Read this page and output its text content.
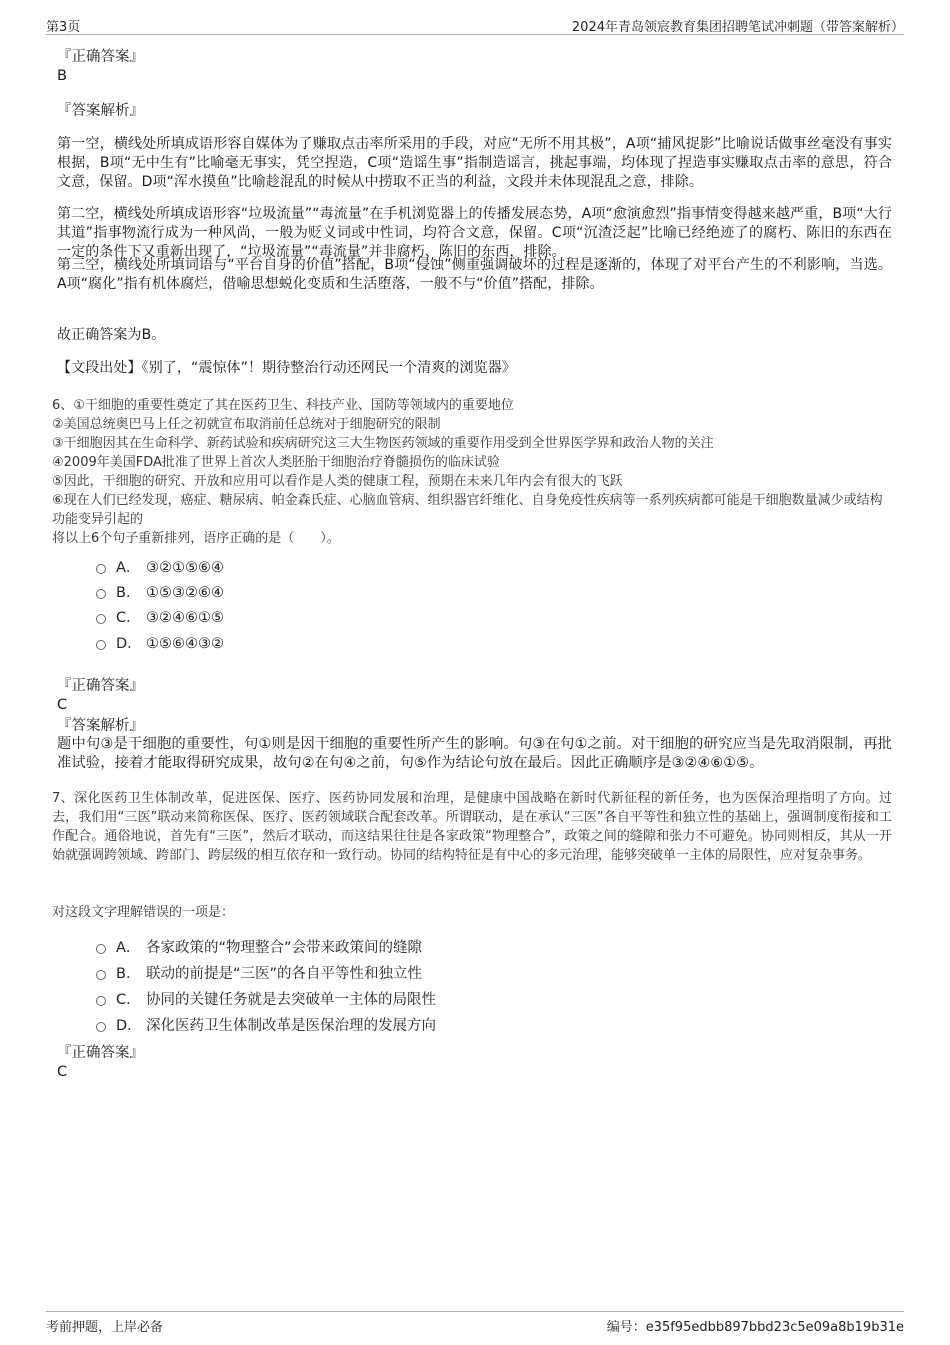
第3页	2024年青岛领宸教育集团招聘笔试冲刺题（带答案解析）
『正确答案』
B
『答案解析』
第一空，横线处所填成语形容自媒体为了赚取点击率所采用的手段，对应“无所不用其极”，A项“捕风捉影”比喻说话做事丝毫没有事实根据，B项“无中生有”比喻毫无事实，凭空捏造，C项“造谣生事”指制造谣言，挑起事端，均体现了捏造事实赚取点击率的意思，符合文意，保留。D项“浑水摸鱼”比喻趁混乱的时候从中捞取不正当的利益，文段并未体现混乱之意，排除。
第二空，横线处所填成语形容“垃圾流量”“毒流量”在手机浏览器上的传播发展态势，A项“愈演愈烈”指事情变得越来越严重，B项“大行其道”指事物流行成为一种风尚，一般为贬义词或中性词，均符合文意，保留。C项“沉渣泛起”比喻已经绝迹了的腐朽、陈旧的东西在一定的条件下又重新出现了，“垃圾流量”“毒流量”并非腐朽、陈旧的东西，排除。
第三空，横线处所填词语与“平台自身的价值”搭配，B项“侵蚀”侧重强调破坏的过程是逐渐的，体现了对平台产生的不利影响，当选。A项“腐化”指有机体腐烂，借喻思想蜕化变质和生活堕落，一般不与“价值”搭配，排除。
故正确答案为B。
【文段出处】《别了，“震惊体”！期待整治行动还网民一个清爽的浏览器》
6、①干细胞的重要性奠定了其在医药卫生、科技产业、国防等领域内的重要地位
②美国总统奥巴马上任之初就宣布取消前任总统对于细胞研究的限制
③干细胞因其在生命科学、新药试验和疾病研究这三大生物医药领域的重要作用受到全世界医学界和政治人物的关注
④2009年美国FDA批准了世界上首次人类胚胎干细胞治疗脊髓损伤的临床试验
⑤因此，干细胞的研究、开放和应用可以看作是人类的健康工程，预期在未来几年内会有很大的飞跃
⑥现在人们已经发现，癌症、糖尿病、帕金森氏症、心脑血管病、组织器官纤维化、自身免疫性疾病等一系列疾病都可能是干细胞数量减少或结构功能变异引起的
将以上6个句子重新排列，语序正确的是（　　）。
A． ③②①⑤⑥④
B． ①⑤③②⑥④
C． ③②④⑥①⑤
D． ①⑤⑥④③②
『正确答案』
C
『答案解析』
题中句③是干细胞的重要性，句①则是因干细胞的重要性所产生的影响。句③在句①之前。对干细胞的研究应当是先取消限制，再批准试验，接着才能取得研究成果，故句②在句④之前，句⑤作为结论句放在最后。因此正确顺序是③②④⑥①⑤。
7、深化医药卫生体制改革，促进医保、医疗、医药协同发展和治理，是健康中国战略在新时代新征程的新任务，也为医保治理指明了方向。过去，我们用“三医”联动来简称医保、医疗、医药领域联合配套改革。所谓联动，是在承认“三医”各自平等性和独立性的基础上，强调制度衔接和工作配合。通俗地说，首先有“三医”，然后才联动，而这结果往往是各家政策“物理整合”，政策之间的缝隙和张力不可避免。协同则相反，其从一开始就强调跨领域、跨部门、跨层级的相互依存和一致行动。协同的结构特征是有中心的多元治理，能够突破单一主体的局限性，应对复杂事务。
对这段文字理解错误的一项是：
A． 各家政策的“物理整合”会带来政策间的缝隙
B． 联动的前提是“三医”的各自平等性和独立性
C． 协同的关键任务就是去突破单一主体的局限性
D． 深化医药卫生体制改革是医保治理的发展方向
『正确答案』
C
考前押题，上岸必备	编号：e35f95edbb897bbd23c5e09a8b19b31e
